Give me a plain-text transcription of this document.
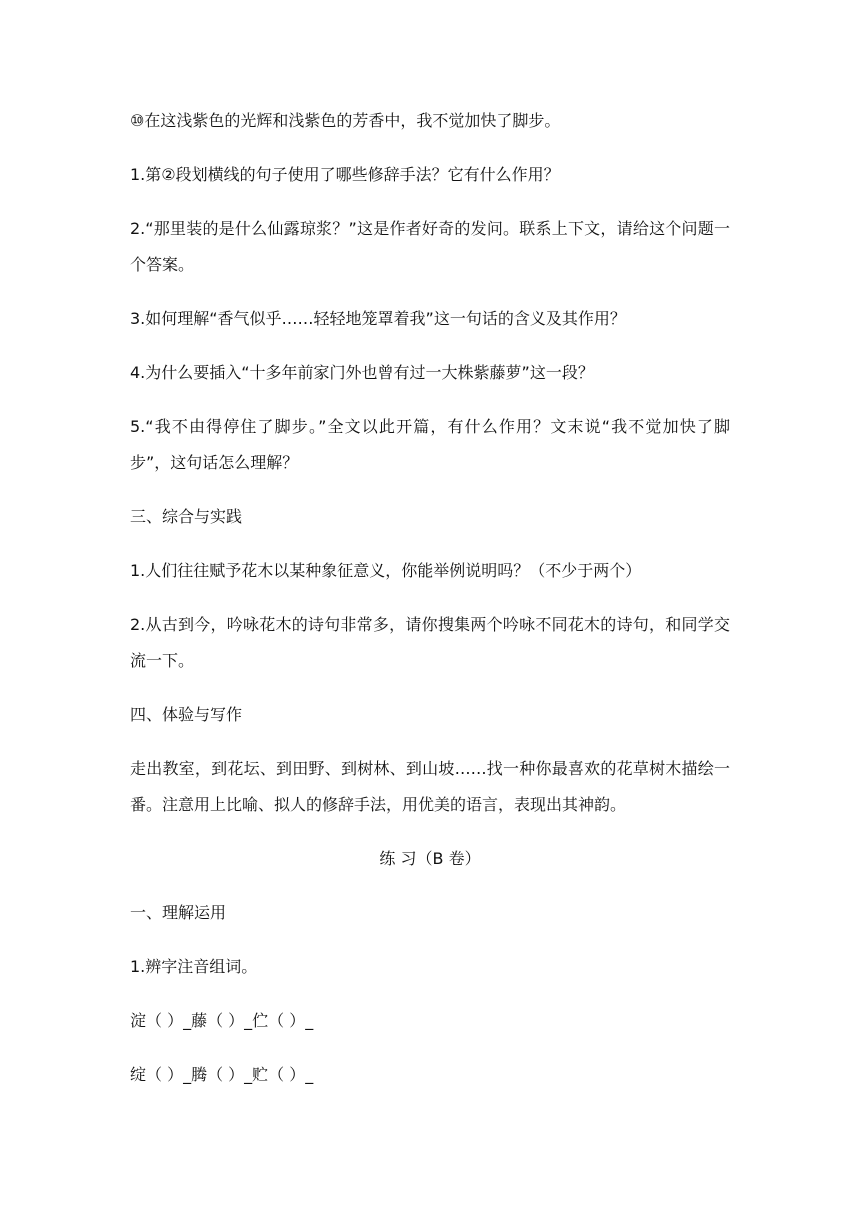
⑩在这浅紫色的光辉和浅紫色的芳香中，我不觉加快了脚步。

1.第②段划横线的句子使用了哪些修辞手法？它有什么作用？

2.“那里装的是什么仙露琼浆？”这是作者好奇的发问。联系上下文，请给这个问题一个答案。

3.如何理解“香气似乎……轻轻地笼罩着我”这一句话的含义及其作用？

4.为什么要插入“十多年前家门外也曾有过一大株紫藤萝”这一段？

5.“我不由得停住了脚步。”全文以此开篇，有什么作用？文末说“我不觉加快了脚步”，这句话怎么理解？

三、综合与实践

1.人们往往赋予花木以某种象征意义，你能举例说明吗？（不少于两个）

2.从古到今，吟咏花木的诗句非常多，请你搜集两个吟咏不同花木的诗句，和同学交流一下。

四、体验与写作

走出教室，到花坛、到田野、到树林、到山坡……找一种你最喜欢的花草树木描绘一番。注意用上比喻、拟人的修辞手法，用优美的语言，表现出其神韵。

练 习（B 卷）

一、理解运用

1.辨字注音组词。

淀（ ）_藤（ ）_伫（ ）_

绽（ ）_腾（ ）_贮（ ）_
